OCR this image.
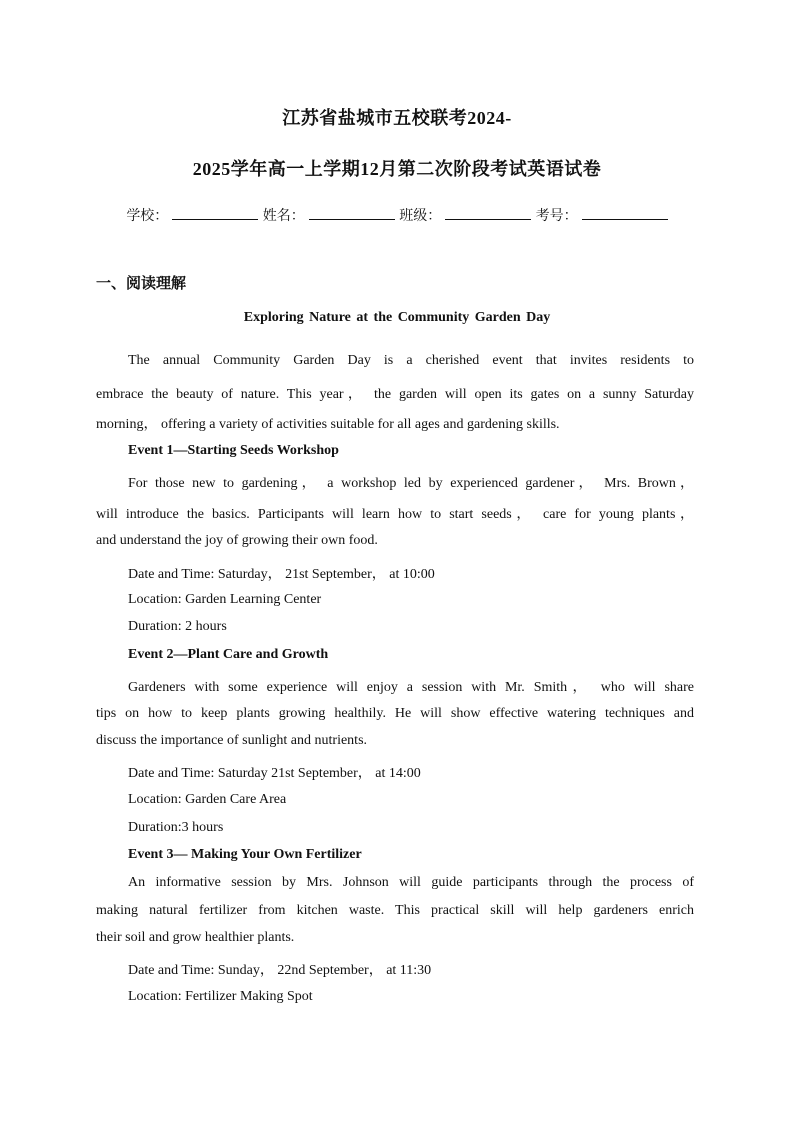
江苏省盐城市五校联考2024-
2025学年高一上学期12月第二次阶段考试英语试卷
学校：	姓名：	班级：	考号：
一、阅读理解
Exploring Nature at the Community Garden Day
The annual Community Garden Day is a cherished event that invites residents to
embrace the beauty of nature. This year， the garden will open its gates on a sunny Saturday
morning， offering a variety of activities suitable for all ages and gardening skills.
Event 1—Starting Seeds Workshop
For those new to gardening， a workshop led by experienced gardener， Mrs. Brown，
will introduce the basics. Participants will learn how to start seeds， care for young plants，
and understand the joy of growing their own food.
Date and Time: Saturday， 21st September， at 10:00
Location: Garden Learning Center
Duration: 2 hours
Event 2—Plant Care and Growth
Gardeners with some experience will enjoy a session with Mr. Smith， who will share
tips on how to keep plants growing healthily. He will show effective watering techniques and
discuss the importance of sunlight and nutrients.
Date and Time: Saturday 21st September， at 14:00
Location: Garden Care Area
Duration:3 hours
Event 3— Making Your Own Fertilizer
An informative session by Mrs. Johnson will guide participants through the process of
making natural fertilizer from kitchen waste. This practical skill will help gardeners enrich
their soil and grow healthier plants.
Date and Time: Sunday， 22nd September， at 11:30
Location: Fertilizer Making Spot
